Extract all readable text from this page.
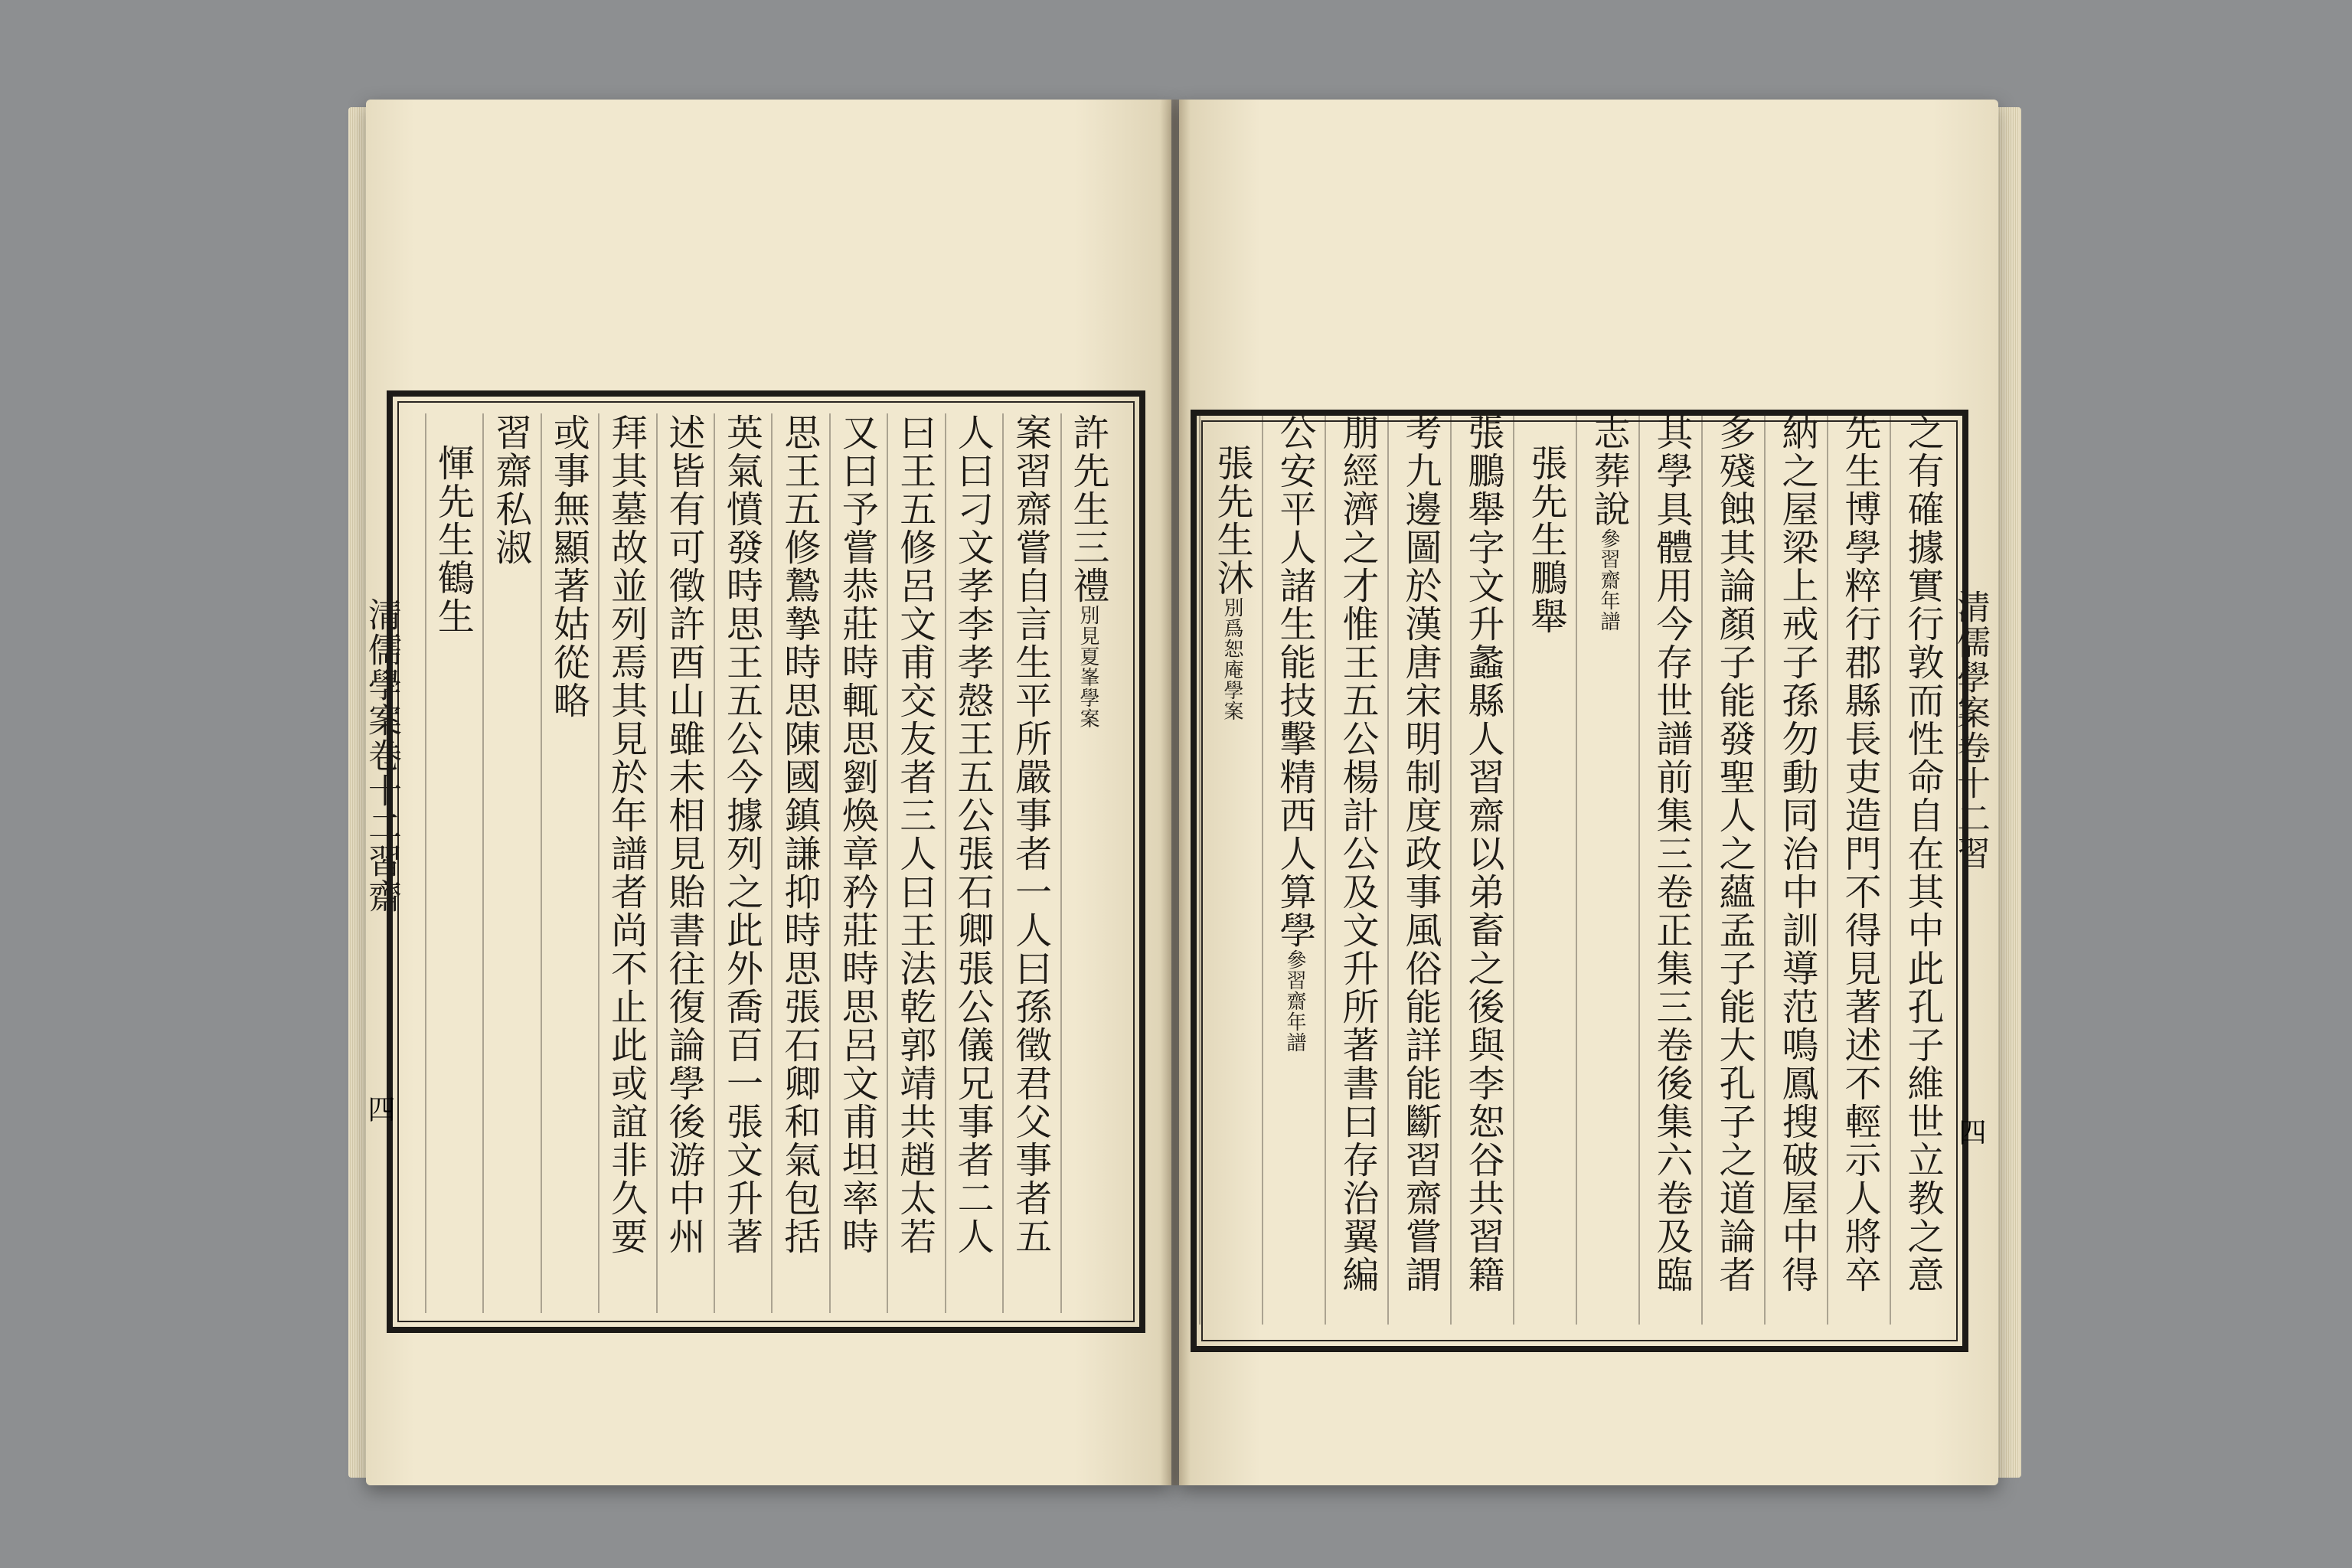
清儒學案卷十二習齋
四
清儒學案卷十二習
四
許先生三禮別見夏峯學案
案習齋嘗自言生平所嚴事者一人曰孫徵君父事者五
人曰刁文孝李孝慤王五公張石卿張公儀兄事者二人
曰王五修呂文甫交友者三人曰王法乾郭靖共趙太若
又曰予嘗恭莊時輒思劉煥章矜莊時思呂文甫坦率時
思王五修鷙摯時思陳國鎮謙抑時思張石卿和氣包括
英氣憤發時思王五公今據列之此外喬百一張文升著
述皆有可徵許酉山雖未相見貽書往復論學後游中州
拜其墓故並列焉其見於年譜者尚不止此或誼非久要
或事無顯著姑從略
習齋私淑
惲先生鶴生
之有確據實行敦而性命自在其中此孔子維世立教之意
先生博學粹行郡縣長吏造門不得見著述不輕示人將卒
納之屋梁上戒子孫勿動同治中訓導范鳴鳳搜破屋中得
多殘蝕其論顏子能發聖人之蘊孟子能大孔子之道論者
其學具體用今存世譜前集三卷正集三卷後集六卷及臨
志葬說參習齋年譜
張先生鵬舉
張鵬舉字文升蠡縣人習齋以弟畜之後與李恕谷共習籍
考九邊圖於漢唐宋明制度政事風俗能詳能斷習齋嘗謂
朋經濟之才惟王五公楊計公及文升所著書曰存治翼編
公安平人諸生能技擊精西人算學參習齋年譜
張先生沐別爲恕庵學案
